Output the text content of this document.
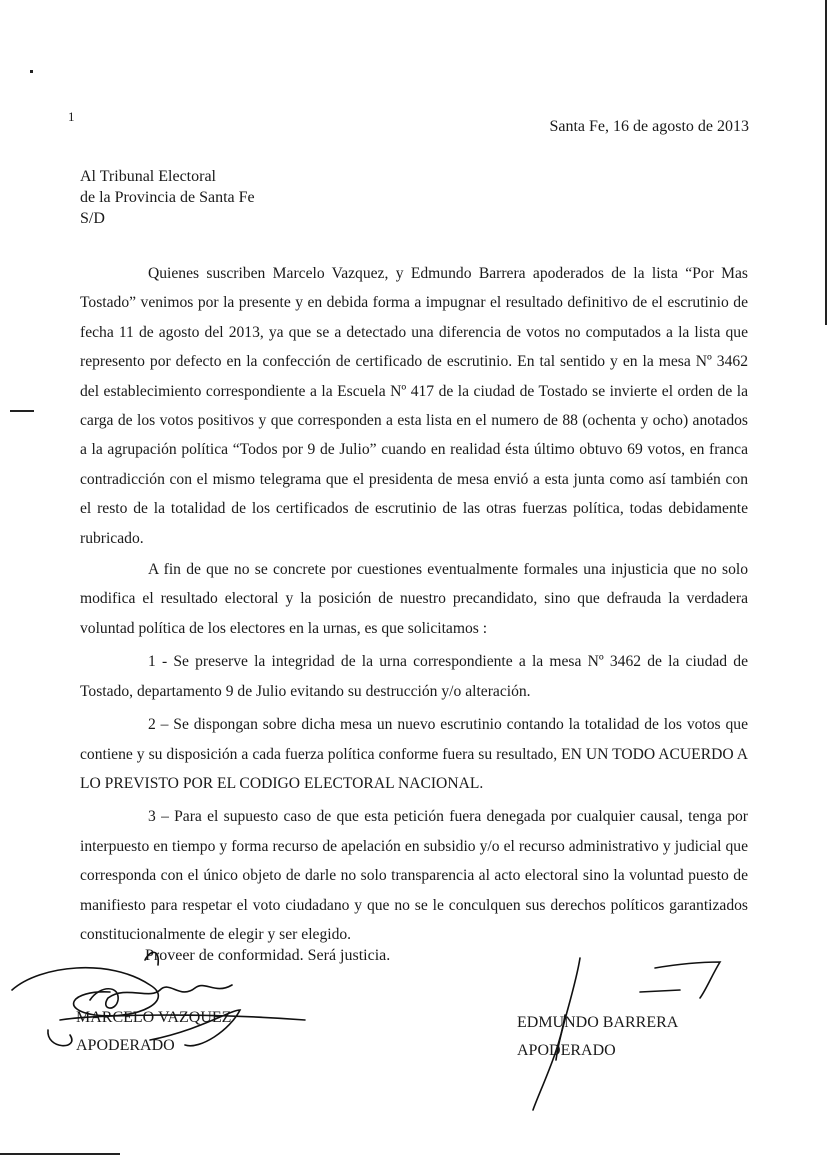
1
Santa Fe, 16 de agosto de 2013
Al Tribunal Electoral
de la Provincia de Santa Fe
S/D

Quienes suscriben Marcelo Vazquez, y Edmundo Barrera apoderados de la lista “Por Mas Tostado” venimos por la presente y en debida forma a impugnar el resultado definitivo de el escrutinio de fecha 11 de agosto del 2013, ya que se a detectado una diferencia de votos no computados a la lista que represento por defecto en la confección de certificado de escrutinio. En tal sentido y en la mesa Nº 3462 del establecimiento correspondiente a la Escuela Nº 417 de la ciudad de Tostado se invierte el orden de la carga de los votos positivos y que corresponden a esta lista en el numero de 88 (ochenta y ocho) anotados a la agrupación política “Todos por 9 de Julio” cuando en realidad ésta último obtuvo 69 votos, en franca contradicción con el mismo telegrama que el presidenta de mesa envió a esta junta como así también con el resto de la totalidad de los certificados de escrutinio de las otras fuerzas política, todas debidamente rubricado.

A fin de que no se concrete por cuestiones eventualmente formales una injusticia que no solo modifica el resultado electoral y la posición de nuestro precandidato, sino que defrauda la verdadera voluntad política de los electores en la urnas, es que solicitamos :

1 - Se preserve la integridad de la urna correspondiente a la mesa Nº 3462 de la ciudad de Tostado, departamento 9 de Julio evitando su destrucción y/o alteración.

2 – Se dispongan sobre dicha mesa un nuevo escrutinio contando la totalidad de los votos que contiene y su disposición a cada fuerza política conforme fuera su resultado, EN UN TODO ACUERDO A LO PREVISTO POR EL CODIGO ELECTORAL NACIONAL.

3 – Para el supuesto caso de que esta petición fuera denegada por cualquier causal, tenga por interpuesto en tiempo y forma recurso de apelación en subsidio y/o el recurso administrativo y judicial que corresponda con el único objeto de darle no solo transparencia al acto electoral sino la voluntad puesto de manifiesto para respetar el voto ciudadano y que no se le conculquen sus derechos políticos garantizados constitucionalmente de elegir y ser elegido.

Proveer de conformidad. Será justicia.
MARCELO VAZQUEZ
APODERADO
EDMUNDO BARRERA
APODERADO
